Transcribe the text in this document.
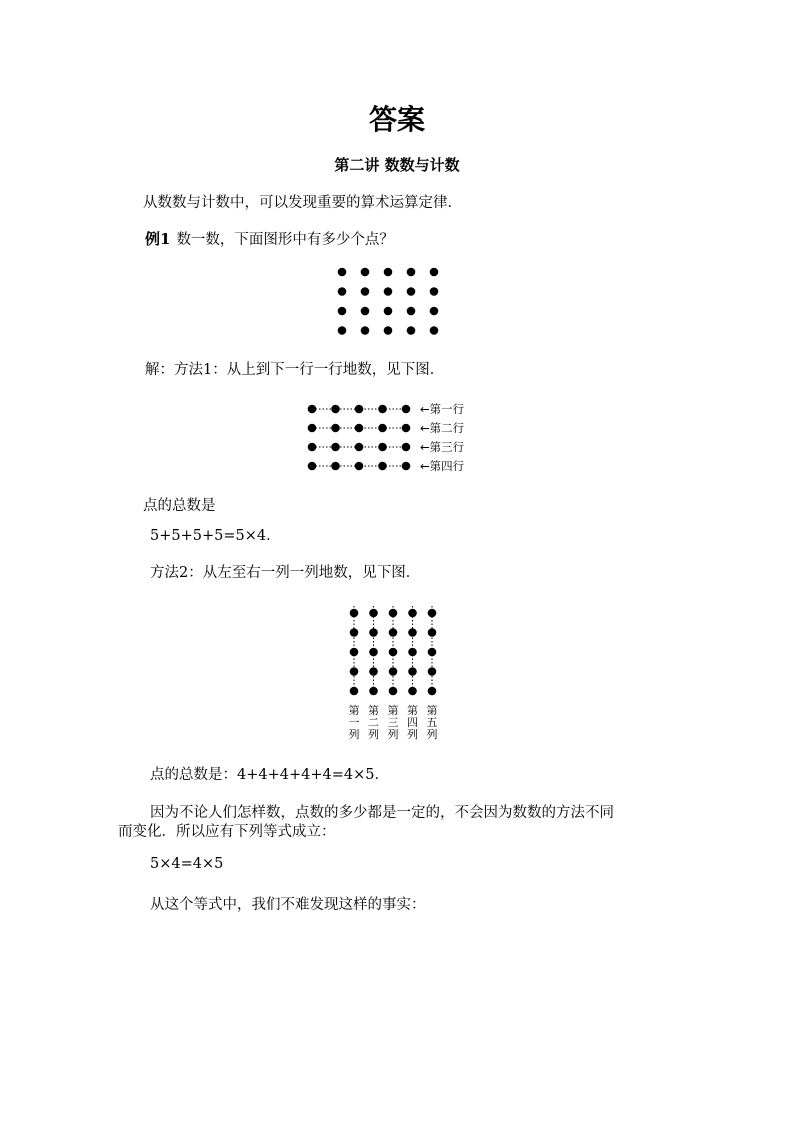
答案
第二讲 数数与计数
从数数与计数中，可以发现重要的算术运算定律．
例1 数一数，下面图形中有多少个点？
解：方法1：从上到下一行一行地数，见下图．
点的总数是
5+5+5+5=5×4．
方法2：从左至右一列一列地数，见下图．
点的总数是：4+4+4+4+4=4×5．
因为不论人们怎样数，点数的多少都是一定的，不会因为数数的方法不同
而变化．所以应有下列等式成立：
5×4=4×5
从这个等式中，我们不难发现这样的事实：
←第一行
←第二行
←第三行
←第四行
第
一
列
第
二
列
第
三
列
第
四
列
第
五
列
